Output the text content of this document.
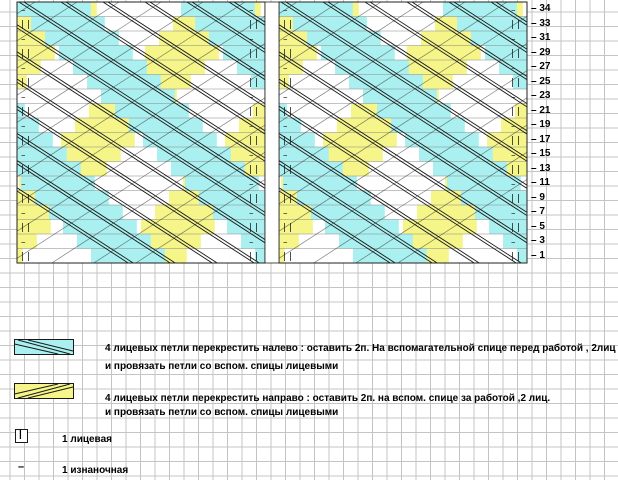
–	–
| |	| |
–	–
| |	| |
–	–
| |	| |
–
| |
–	–
| |	| |
–	–
| |	| |
–	–
| |	| |
–	–
| |	| |
–	–
| |	| |
–	–
| |	| |
–	–
| |	| |
–	–
| |	| |
–
| |
–	–
| |	| |
–	–
| |	| |
–	–
| |	| |
–	–
| |	| |
–	–
| |	| |
– 34
– 33
– 31
– 29
– 27
– 25
– 23
– 21
– 19
– 17
– 15
– 13
– 11
– 9
– 7
– 5
– 3
– 1
4 лицевых петли перекрестить налево : оставить 2п. На вспомагательной спице перед работой , 2лиц .
и провязать петли со вспом. спицы лицевыми
4 лицевых петли перекрестить направо : оставить 2п. на вспом. спице за работой ,2 лиц.
и провязать петли со вспом. спицы лицевыми
|	1 лицевая
–	1 изнаночная
